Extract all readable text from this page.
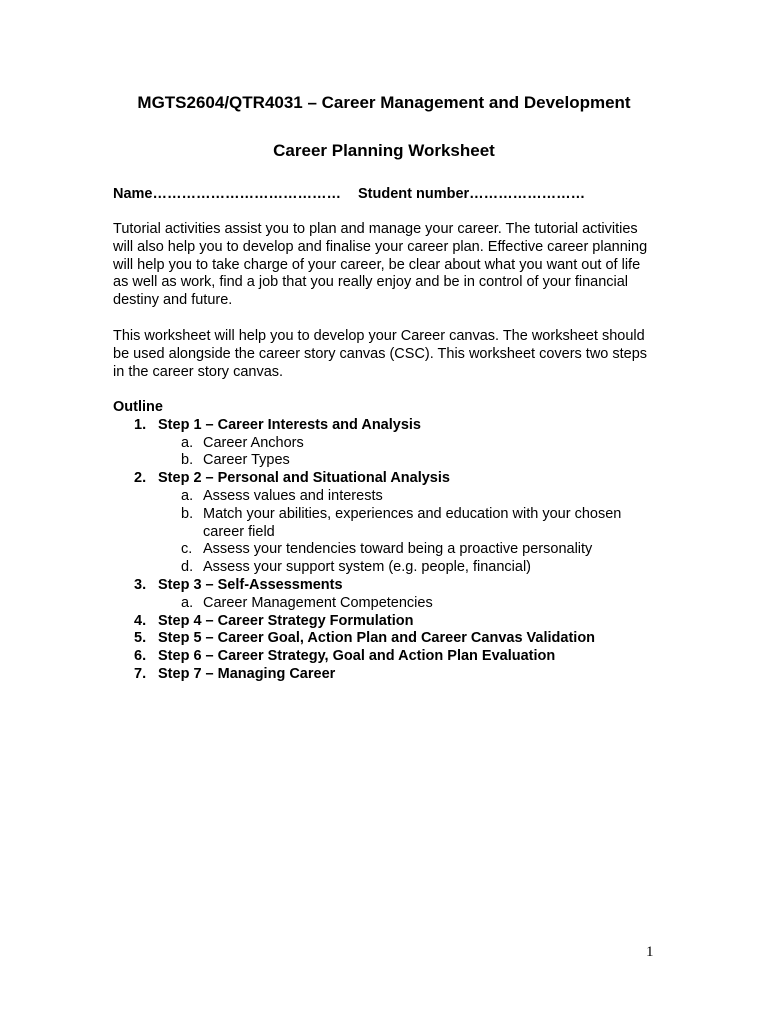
MGTS2604/QTR4031 – Career Management and Development
Career Planning Worksheet
Name………………………………… Student number……………………

Tutorial activities assist you to plan and manage your career. The tutorial activities will also help you to develop and finalise your career plan. Effective career planning will help you to take charge of your career, be clear about what you want out of life as well as work, find a job that you really enjoy and be in control of your financial destiny and future.

This worksheet will help you to develop your Career canvas. The worksheet should be used alongside the career story canvas (CSC). This worksheet covers two steps in the career story canvas.

Outline
1. Step 1 – Career Interests and Analysis
a. Career Anchors
b. Career Types
2. Step 2 – Personal and Situational Analysis
a. Assess values and interests
b. Match your abilities, experiences and education with your chosen career field
c. Assess your tendencies toward being a proactive personality
d. Assess your support system (e.g. people, financial)
3. Step 3 – Self-Assessments
a. Career Management Competencies
4. Step 4 – Career Strategy Formulation
5. Step 5 – Career Goal, Action Plan and Career Canvas Validation
6. Step 6 – Career Strategy, Goal and Action Plan Evaluation
7. Step 7 – Managing Career
1
